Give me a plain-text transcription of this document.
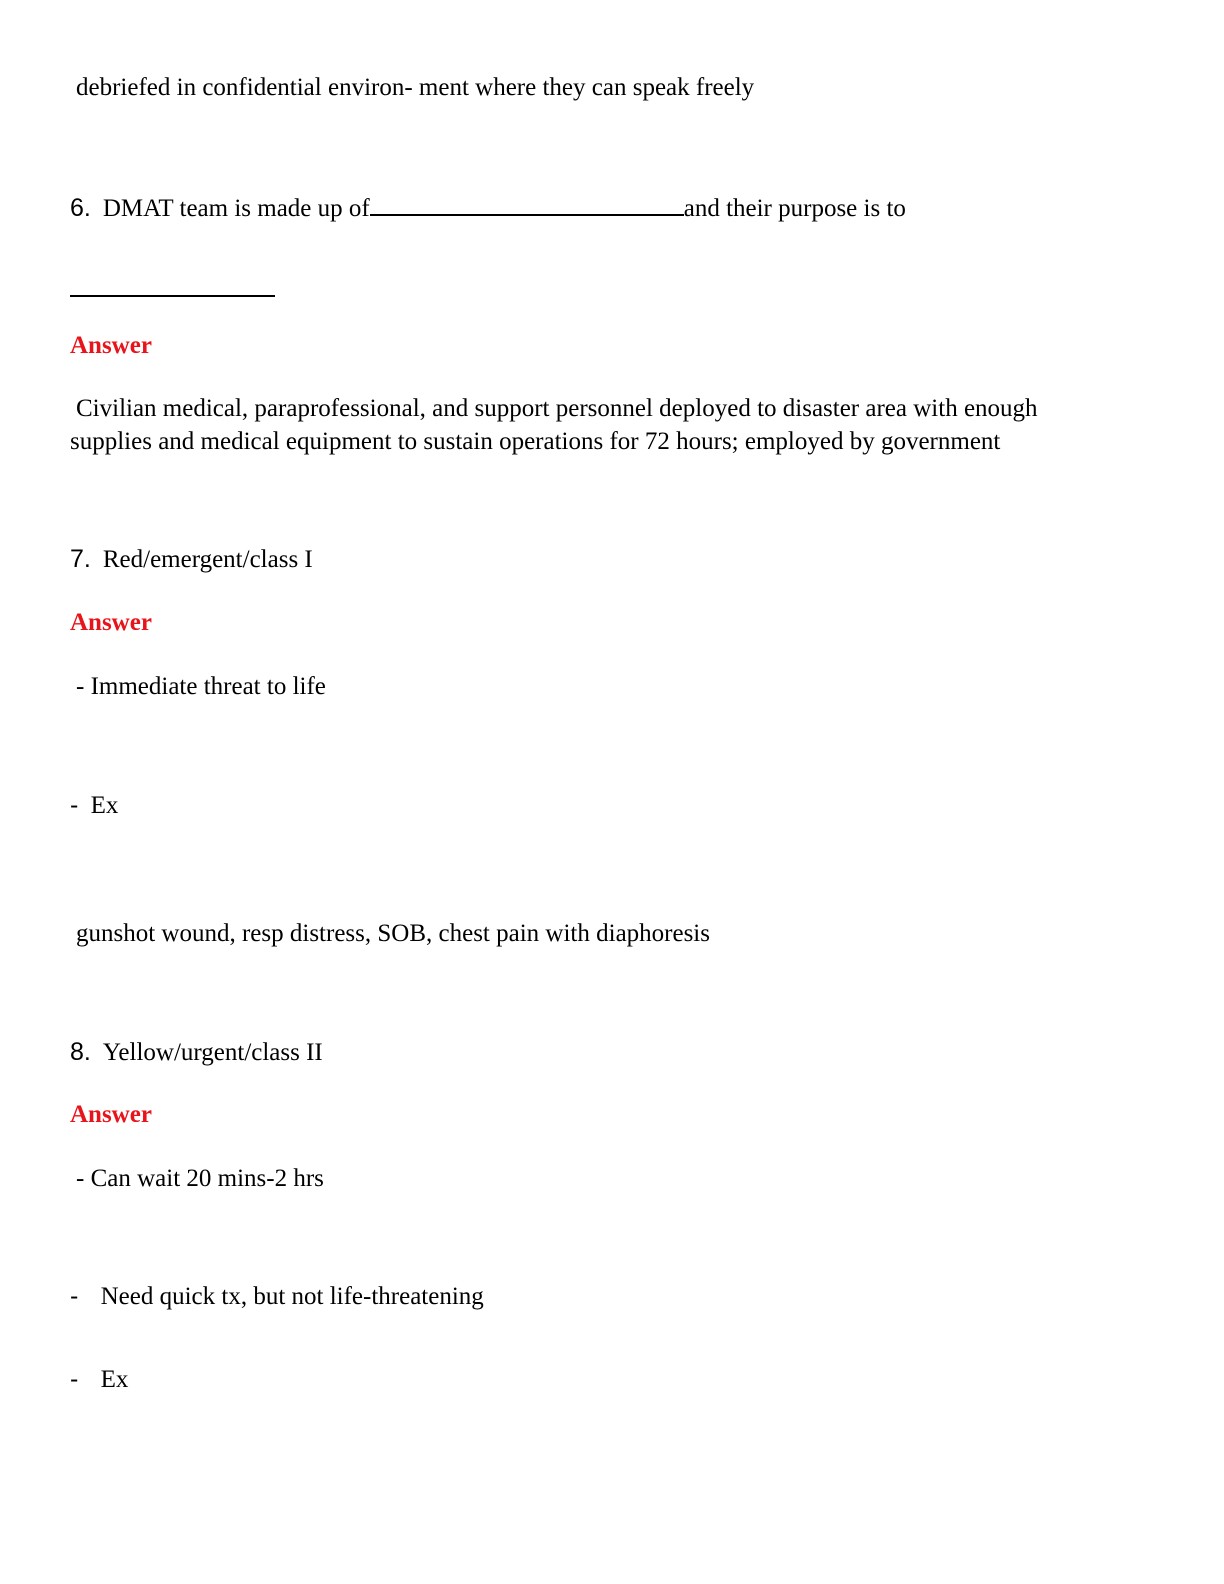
debriefed in confidential environ- ment where they can speak freely
6. DMAT team is made up of	and their purpose is to
Answer
Civilian medical, paraprofessional, and support personnel deployed to disaster area with enough
supplies and medical equipment to sustain operations for 72 hours; employed by government
7. Red/emergent/class I
Answer
- Immediate threat to life
- Ex
gunshot wound, resp distress, SOB, chest pain with diaphoresis
8. Yellow/urgent/class II
Answer
- Can wait 20 mins-2 hrs
- Need quick tx, but not life-threatening
- Ex
